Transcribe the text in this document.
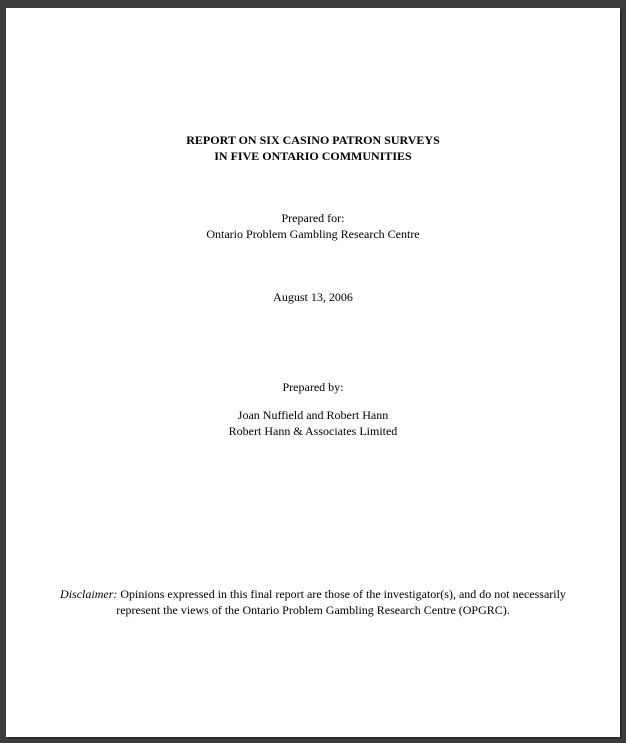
REPORT ON SIX CASINO PATRON SURVEYS
IN FIVE ONTARIO COMMUNITIES
Prepared for:
Ontario Problem Gambling Research Centre
August 13, 2006
Prepared by:
Joan Nuffield and Robert Hann
Robert Hann & Associates Limited
Disclaimer: Opinions expressed in this final report are those of the investigator(s), and do not necessarily
represent the views of the Ontario Problem Gambling Research Centre (OPGRC).
